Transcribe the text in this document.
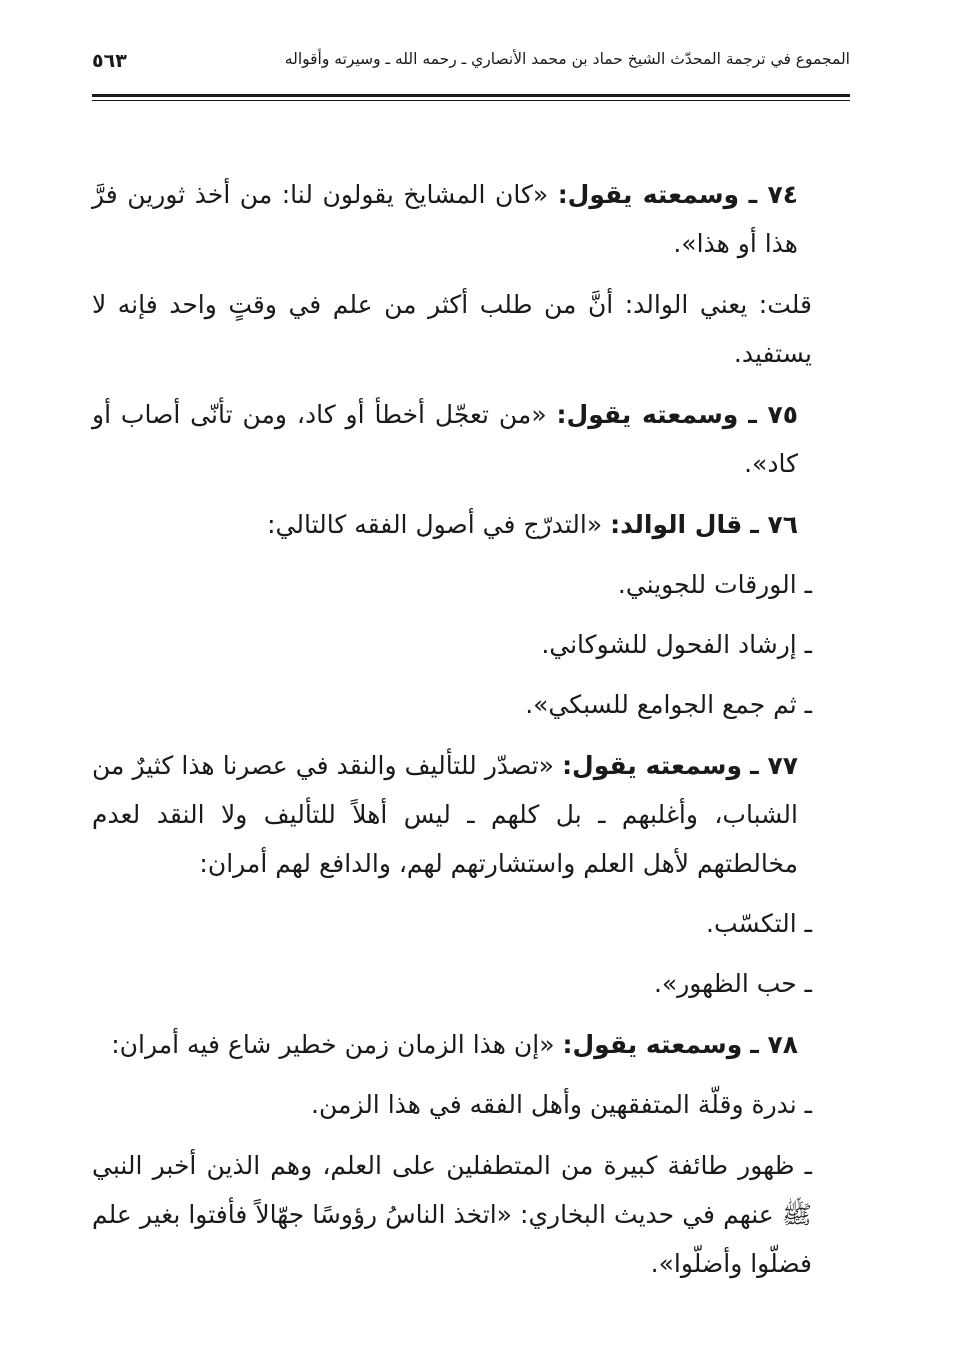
المجموع في ترجمة المحدّث الشيخ حماد بن محمد الأنصاري ـ رحمه الله ـ وسيرته وأقواله
٥٦٣

٧٤ ـ وسمعته يقول: «كان المشايخ يقولون لنا: من أخذ ثورين فرَّ هذا أو هذا».

قلت: يعني الوالد: أنَّ من طلب أكثر من علم في وقتٍ واحد فإنه لا يستفيد.

٧٥ ـ وسمعته يقول: «من تعجّل أخطأ أو كاد، ومن تأنّى أصاب أو كاد».

٧٦ ـ قال الوالد: «التدرّج في أصول الفقه كالتالي:

ـ الورقات للجويني.

ـ إرشاد الفحول للشوكاني.

ـ ثم جمع الجوامع للسبكي».

٧٧ ـ وسمعته يقول: «تصدّر للتأليف والنقد في عصرنا هذا كثيرٌ من الشباب، وأغلبهم ـ بل كلهم ـ ليس أهلاً للتأليف ولا النقد لعدم مخالطتهم لأهل العلم واستشارتهم لهم، والدافع لهم أمران:

ـ التكسّب.

ـ حب الظهور».

٧٨ ـ وسمعته يقول: «إن هذا الزمان زمن خطير شاع فيه أمران:

ـ ندرة وقلّة المتفقهين وأهل الفقه في هذا الزمن.

ـ ظهور طائفة كبيرة من المتطفلين على العلم، وهم الذين أخبر النبي ﷺ عنهم في حديث البخاري: «اتخذ الناسُ رؤوسًا جهّالاً فأفتوا بغير علم فضلّوا وأضلّوا».
